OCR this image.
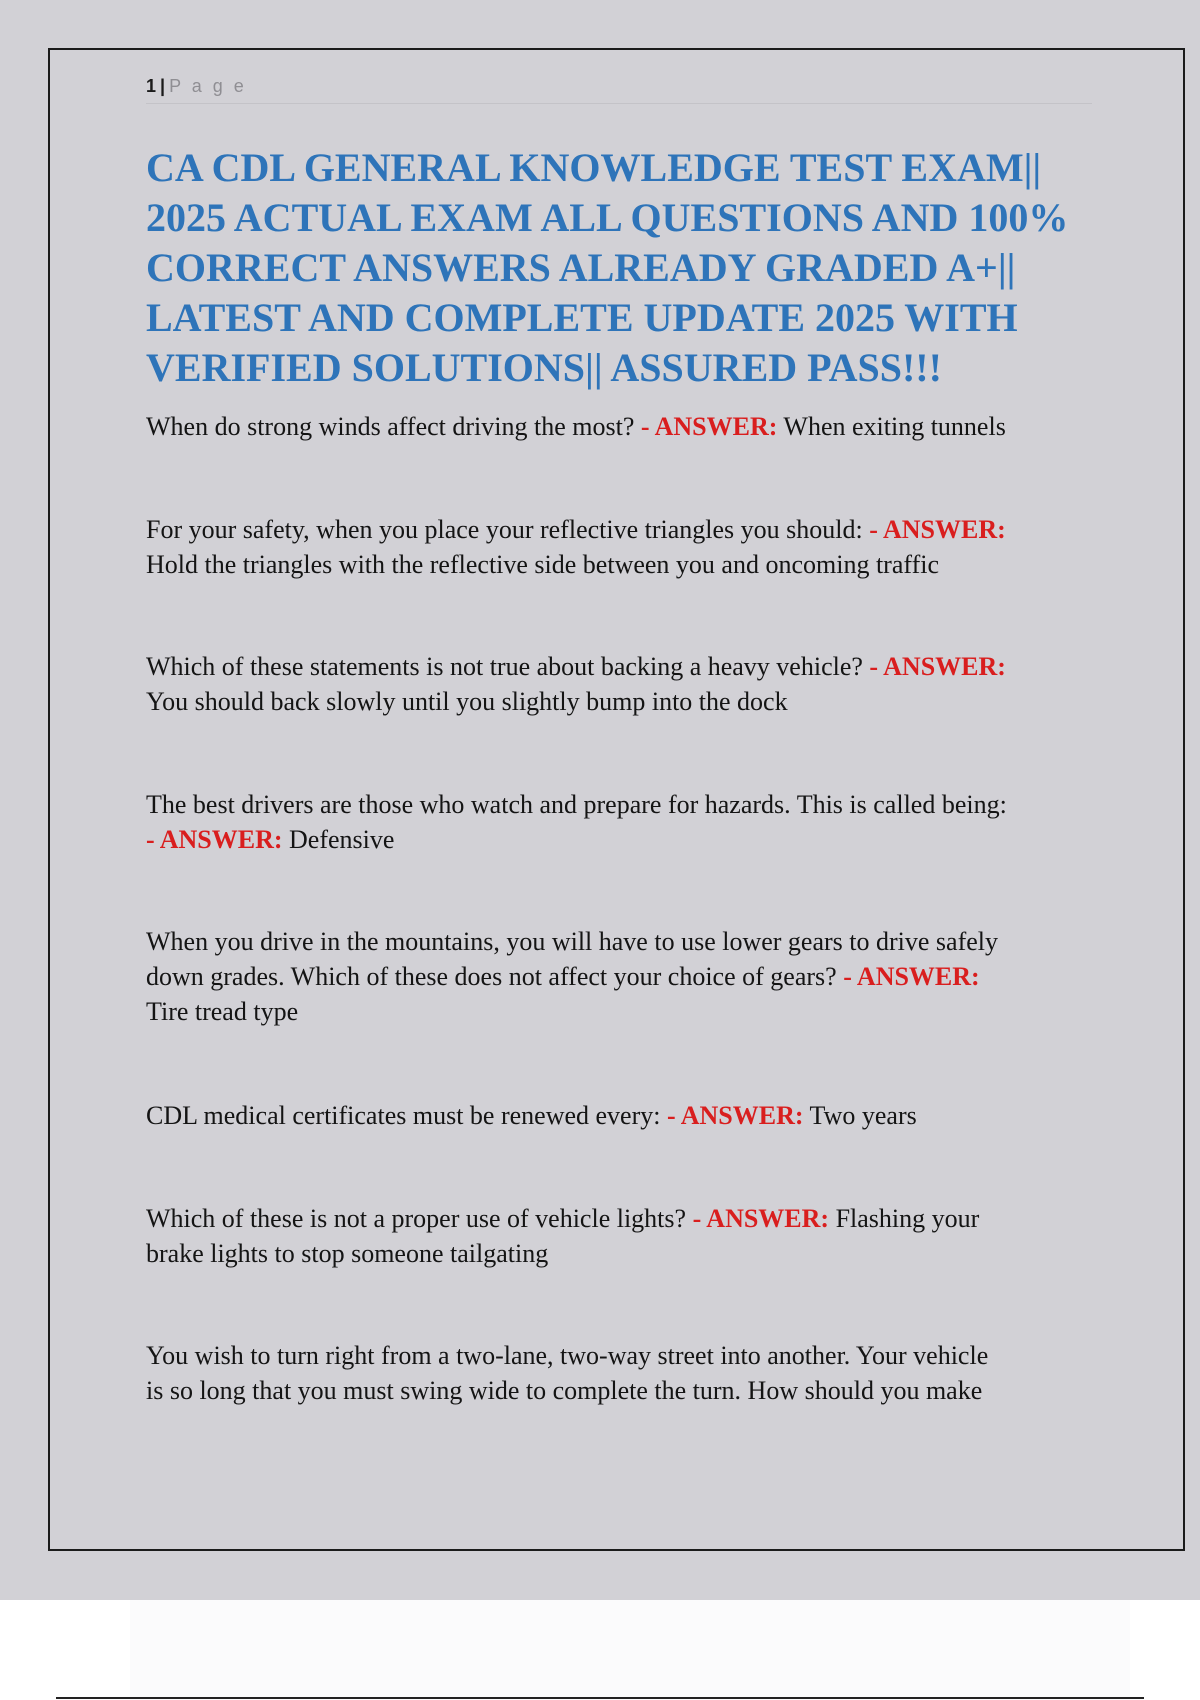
1 | P a g e
CA CDL GENERAL KNOWLEDGE TEST EXAM||
2025 ACTUAL EXAM ALL QUESTIONS AND 100%
CORRECT ANSWERS ALREADY GRADED A+||
LATEST AND COMPLETE UPDATE 2025 WITH
VERIFIED SOLUTIONS|| ASSURED PASS!!!

When do strong winds affect driving the most? - ANSWER: When exiting tunnels

For your safety, when you place your reflective triangles you should: - ANSWER:
Hold the triangles with the reflective side between you and oncoming traffic

Which of these statements is not true about backing a heavy vehicle? - ANSWER:
You should back slowly until you slightly bump into the dock

The best drivers are those who watch and prepare for hazards. This is called being:
- ANSWER: Defensive

When you drive in the mountains, you will have to use lower gears to drive safely
down grades. Which of these does not affect your choice of gears? - ANSWER:
Tire tread type

CDL medical certificates must be renewed every: - ANSWER: Two years

Which of these is not a proper use of vehicle lights? - ANSWER: Flashing your
brake lights to stop someone tailgating

You wish to turn right from a two-lane, two-way street into another. Your vehicle
is so long that you must swing wide to complete the turn. How should you make
